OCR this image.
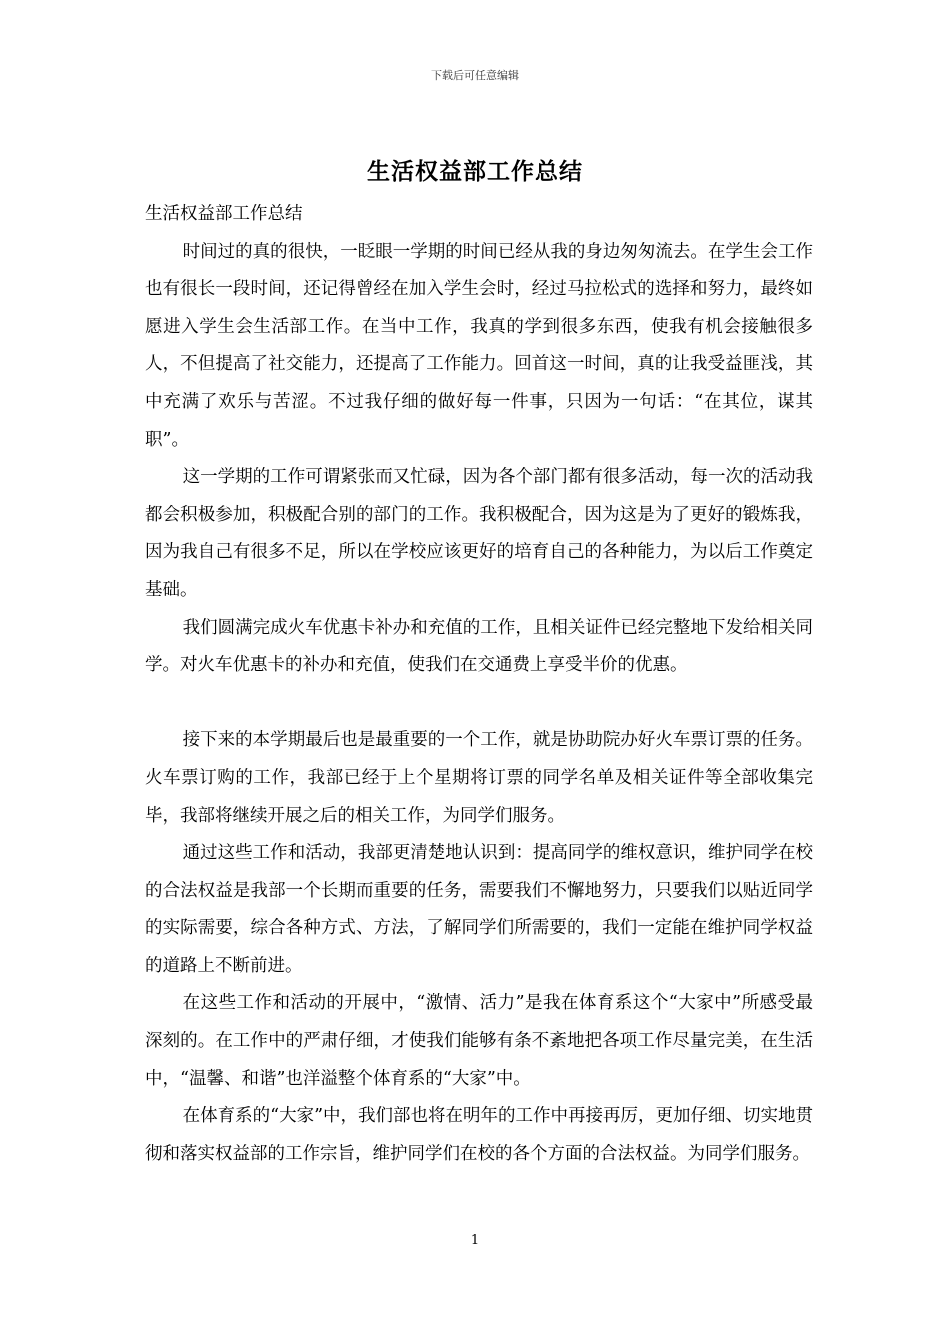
下载后可任意编辑
生活权益部工作总结

生活权益部工作总结

时间过的真的很快，一眨眼一学期的时间已经从我的身边匆匆流去。在学生会工作也有很长一段时间，还记得曾经在加入学生会时，经过马拉松式的选择和努力，最终如愿进入学生会生活部工作。在当中工作，我真的学到很多东西，使我有机会接触很多人，不但提高了社交能力，还提高了工作能力。回首这一时间，真的让我受益匪浅，其中充满了欢乐与苦涩。不过我仔细的做好每一件事，只因为一句话：“在其位，谋其职”。

这一学期的工作可谓紧张而又忙碌，因为各个部门都有很多活动，每一次的活动我都会积极参加，积极配合别的部门的工作。我积极配合，因为这是为了更好的锻炼我，因为我自己有很多不足，所以在学校应该更好的培育自己的各种能力，为以后工作奠定基础。

我们圆满完成火车优惠卡补办和充值的工作，且相关证件已经完整地下发给相关同学。对火车优惠卡的补办和充值，使我们在交通费上享受半价的优惠。

接下来的本学期最后也是最重要的一个工作，就是协助院办好火车票订票的任务。火车票订购的工作，我部已经于上个星期将订票的同学名单及相关证件等全部收集完毕，我部将继续开展之后的相关工作，为同学们服务。

通过这些工作和活动，我部更清楚地认识到：提高同学的维权意识，维护同学在校的合法权益是我部一个长期而重要的任务，需要我们不懈地努力，只要我们以贴近同学的实际需要，综合各种方式、方法，了解同学们所需要的，我们一定能在维护同学权益的道路上不断前进。

在这些工作和活动的开展中，“激情、活力”是我在体育系这个“大家中”所感受最深刻的。在工作中的严肃仔细，才使我们能够有条不紊地把各项工作尽量完美，在生活中，“温馨、和谐”也洋溢整个体育系的“大家”中。

在体育系的“大家”中，我们部也将在明年的工作中再接再厉，更加仔细、切实地贯彻和落实权益部的工作宗旨，维护同学们在校的各个方面的合法权益。为同学们服务。

1
